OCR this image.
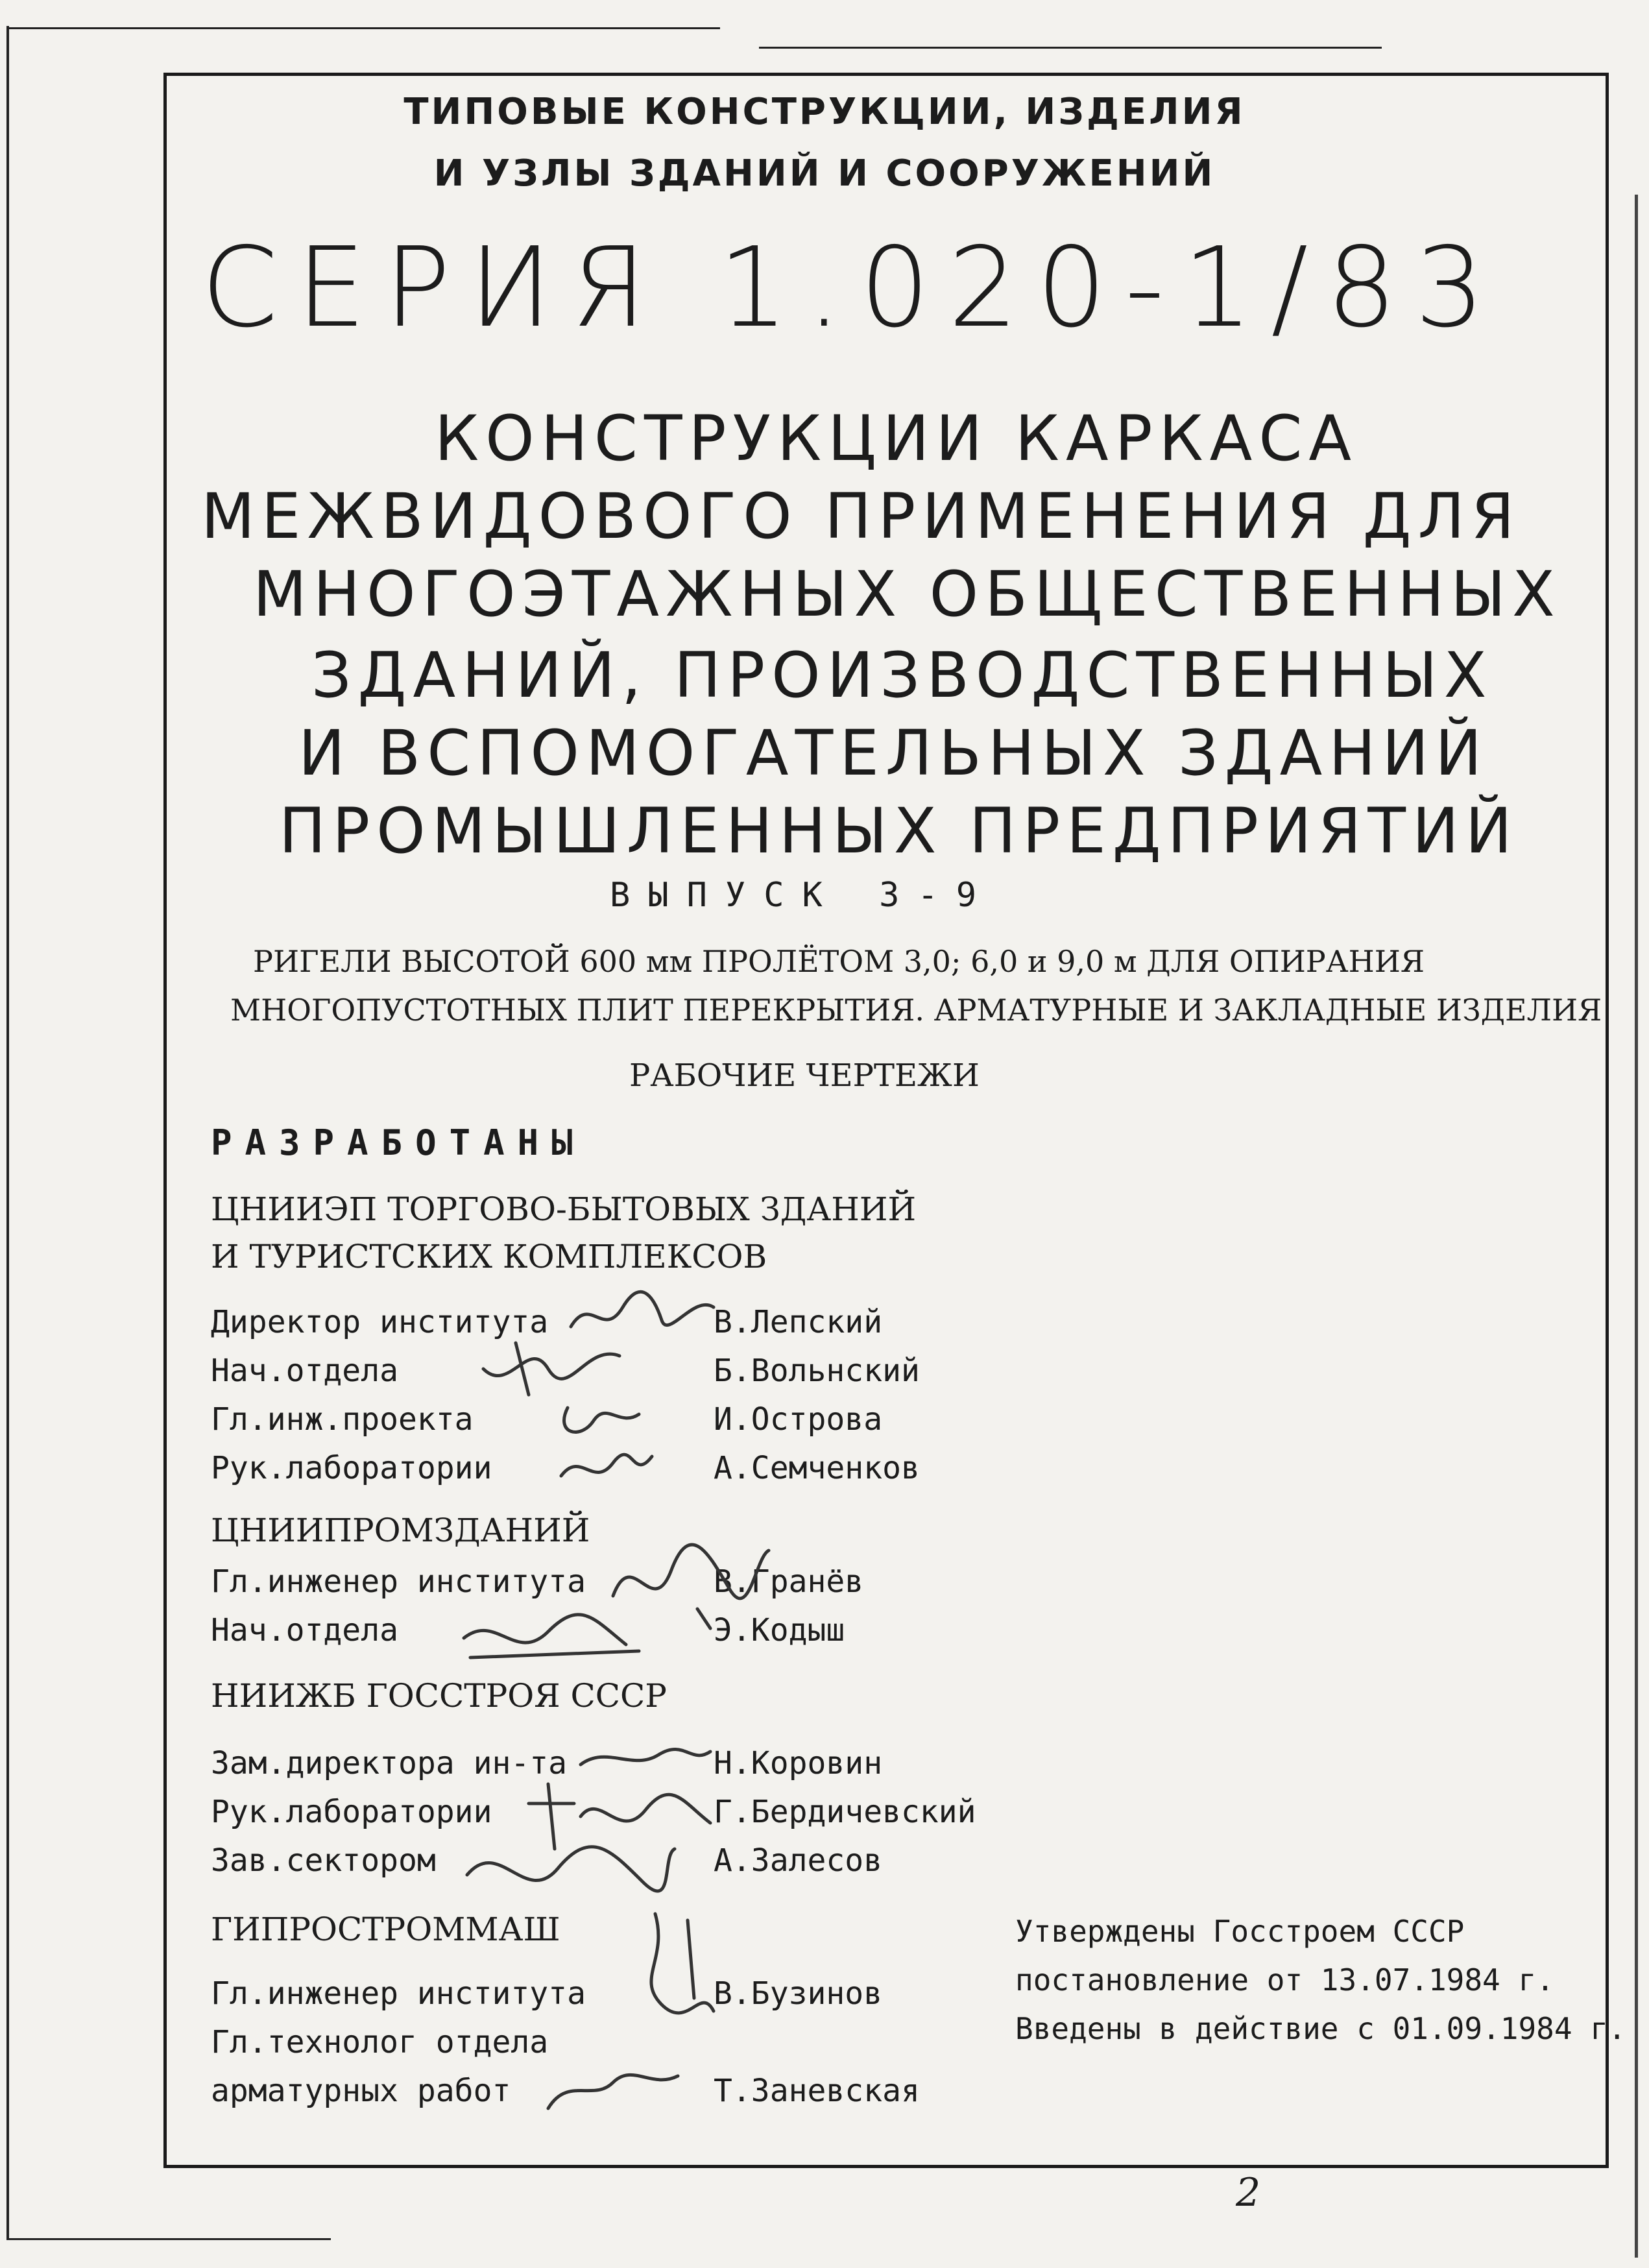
ТИПОВЫЕ КОНСТРУКЦИИ, ИЗДЕЛИЯ
И УЗЛЫ ЗДАНИЙ И СООРУЖЕНИЙ
СЕРИЯ 1.020-1/83
КОНСТРУКЦИИ КАРКАСА
МЕЖВИДОВОГО ПРИМЕНЕНИЯ ДЛЯ
МНОГОЭТАЖНЫХ ОБЩЕСТВЕННЫХ
ЗДАНИЙ, ПРОИЗВОДСТВЕННЫХ
И ВСПОМОГАТЕЛЬНЫХ ЗДАНИЙ
ПРОМЫШЛЕННЫХ ПРЕДПРИЯТИЙ
ВЫПУСК 3-9
РИГЕЛИ ВЫСОТОЙ 600 мм ПРОЛЁТОМ 3,0; 6,0 и 9,0 м ДЛЯ ОПИРАНИЯ
МНОГОПУСТОТНЫХ ПЛИТ ПЕРЕКРЫТИЯ. АРМАТУРНЫЕ И ЗАКЛАДНЫЕ ИЗДЕЛИЯ
РАБОЧИЕ ЧЕРТЕЖИ
РАЗРАБОТАНЫ
ЦНИИЭП ТОРГОВО-БЫТОВЫХ ЗДАНИЙ
И ТУРИСТСКИХ КОМПЛЕКСОВ
Директор института	В.Лепский
Нач.отдела	Б.Вольнский
Гл.инж.проекта	И.Острова
Рук.лаборатории	А.Семченков
ЦНИИПРОМЗДАНИЙ
Гл.инженер института	В.Гранёв
Нач.отдела	Э.Кодыш
НИИЖБ ГОССТРОЯ СССР
Зам.директора ин-та	Н.Коровин
Рук.лаборатории	Г.Бердичевский
Зав.сектором	А.Залесов
ГИПРОСТРОММАШ
Гл.инженер института	В.Бузинов
Гл.технолог отдела
арматурных работ	Т.Заневская
Утверждены Госстроем СССР
постановление от 13.07.1984 г.
Введены в действие с 01.09.1984 г.
2
